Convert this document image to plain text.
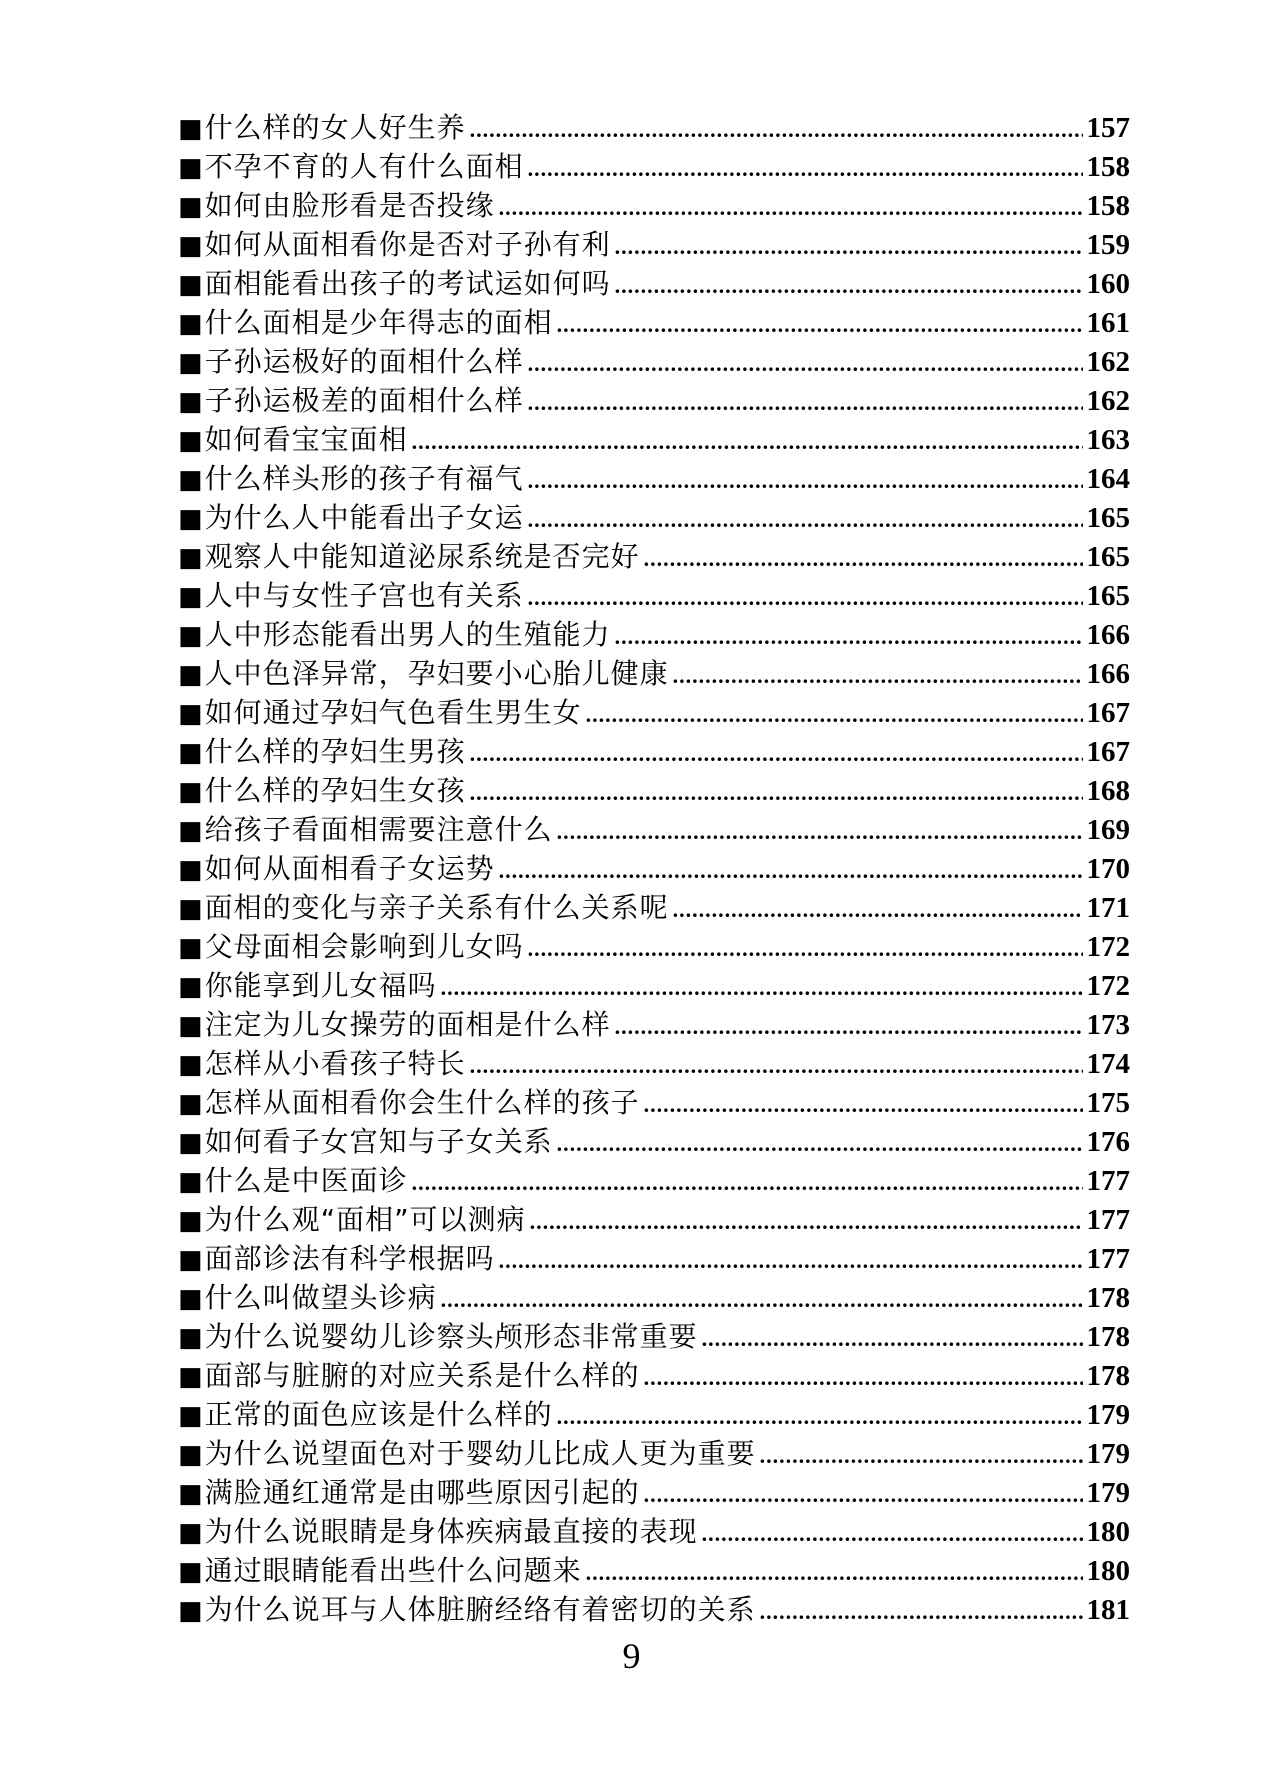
■ 什么样的女人好生养 .....	157
■ 不孕不育的人有什么面相 .....	158
■ 如何由脸形看是否投缘 .....	158
■ 如何从面相看你是否对子孙有利 .....	159
■ 面相能看出孩子的考试运如何吗 .....	160
■ 什么面相是少年得志的面相 .....	161
■ 子孙运极好的面相什么样 .....	162
■ 子孙运极差的面相什么样 .....	162
■ 如何看宝宝面相 .....	163
■ 什么样头形的孩子有福气 .....	164
■ 为什么人中能看出子女运 .....	165
■ 观察人中能知道泌尿系统是否完好 .....	165
■ 人中与女性子宫也有关系 .....	165
■ 人中形态能看出男人的生殖能力 .....	166
■ 人中色泽异常，孕妇要小心胎儿健康 .....	166
■ 如何通过孕妇气色看生男生女 .....	167
■ 什么样的孕妇生男孩 .....	167
■ 什么样的孕妇生女孩 .....	168
■ 给孩子看面相需要注意什么 .....	169
■ 如何从面相看子女运势 .....	170
■ 面相的变化与亲子关系有什么关系呢 .....	171
■ 父母面相会影响到儿女吗 .....	172
■ 你能享到儿女福吗 .....	172
■ 注定为儿女操劳的面相是什么样 .....	173
■ 怎样从小看孩子特长 .....	174
■ 怎样从面相看你会生什么样的孩子 .....	175
■ 如何看子女宫知与子女关系 .....	176
■ 什么是中医面诊 .....	177
■ 为什么观“面相”可以测病 .....	177
■ 面部诊法有科学根据吗 .....	177
■ 什么叫做望头诊病 .....	178
■ 为什么说婴幼儿诊察头颅形态非常重要 .....	178
■ 面部与脏腑的对应关系是什么样的 .....	178
■ 正常的面色应该是什么样的 .....	179
■ 为什么说望面色对于婴幼儿比成人更为重要 .....	179
■ 满脸通红通常是由哪些原因引起的 .....	179
■ 为什么说眼睛是身体疾病最直接的表现 .....	180
■ 通过眼睛能看出些什么问题来 .....	180
■ 为什么说耳与人体脏腑经络有着密切的关系 .....	181
9
